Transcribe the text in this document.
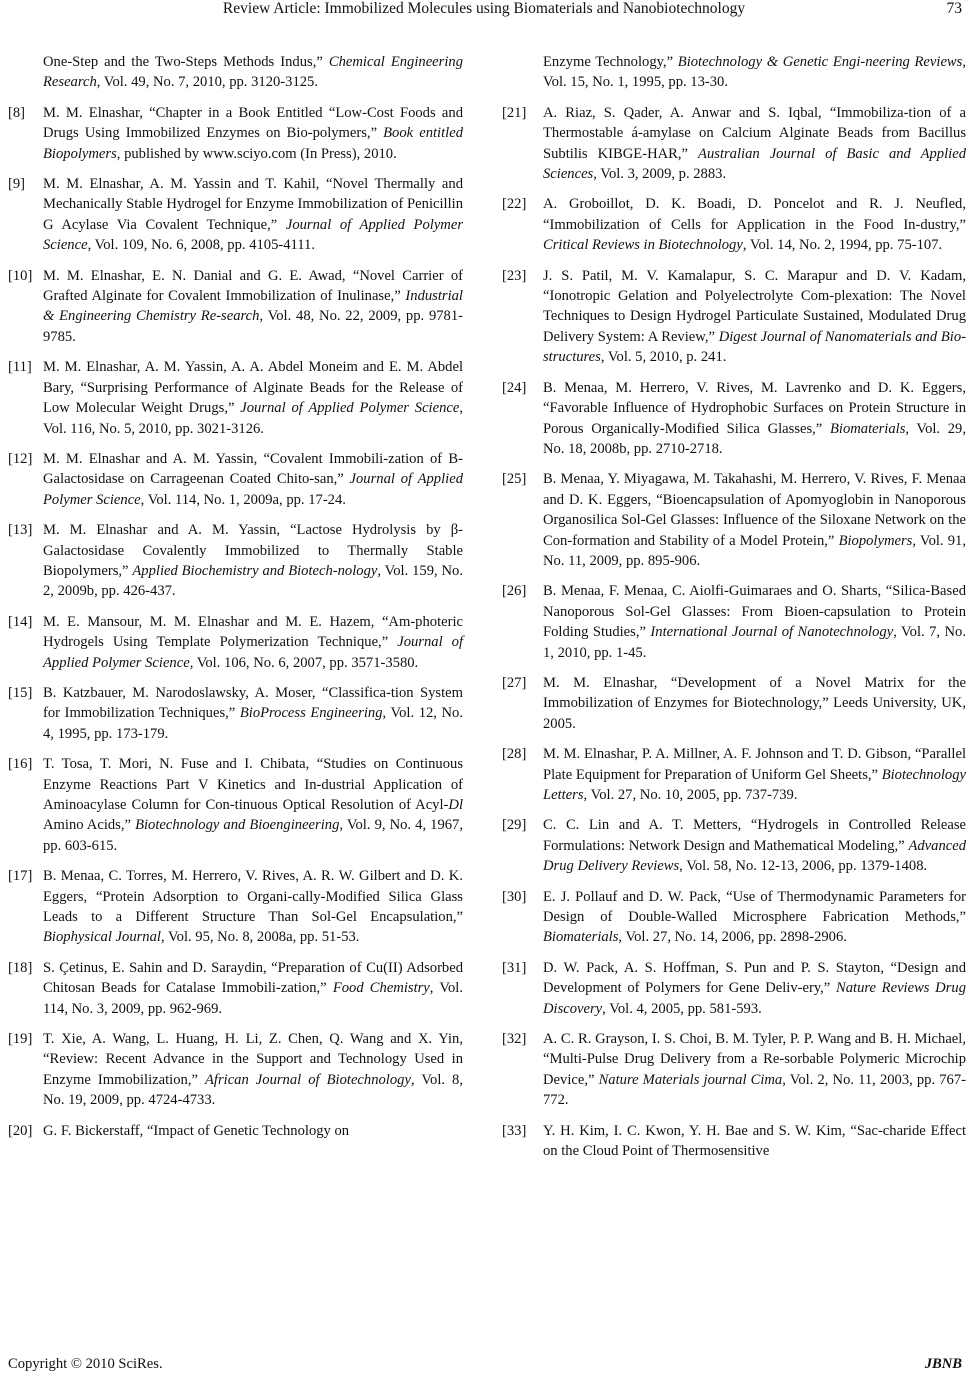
Review Article: Immobilized Molecules using Biomaterials and Nanobiotechnology	73
One-Step and the Two-Steps Methods Indus,” Chemical Engineering Research, Vol. 49, No. 7, 2010, pp. 3120-3125.
[8] M. M. Elnashar, “Chapter in a Book Entitled “Low-Cost Foods and Drugs Using Immobilized Enzymes on Bio-polymers,” Book entitled Biopolymers, published by www.sciyo.com (In Press), 2010.
[9] M. M. Elnashar, A. M. Yassin and T. Kahil, “Novel Thermally and Mechanically Stable Hydrogel for Enzyme Immobilization of Penicillin G Acylase Via Covalent Technique,” Journal of Applied Polymer Science, Vol. 109, No. 6, 2008, pp. 4105-4111.
[10] M. M. Elnashar, E. N. Danial and G. E. Awad, “Novel Carrier of Grafted Alginate for Covalent Immobilization of Inulinase,” Industrial & Engineering Chemistry Re-search, Vol. 48, No. 22, 2009, pp. 9781-9785.
[11] M. M. Elnashar, A. M. Yassin, A. A. Abdel Moneim and E. M. Abdel Bary, “Surprising Performance of Alginate Beads for the Release of Low Molecular Weight Drugs,” Journal of Applied Polymer Science, Vol. 116, No. 5, 2010, pp. 3021-3126.
[12] M. M. Elnashar and A. M. Yassin, “Covalent Immobili-zation of B-Galactosidase on Carrageenan Coated Chito-san,” Journal of Applied Polymer Science, Vol. 114, No. 1, 2009a, pp. 17-24.
[13] M. M. Elnashar and A. M. Yassin, “Lactose Hydrolysis by β-Galactosidase Covalently Immobilized to Thermally Stable Biopolymers,” Applied Biochemistry and Biotech-nology, Vol. 159, No. 2, 2009b, pp. 426-437.
[14] M. E. Mansour, M. M. Elnashar and M. E. Hazem, “Am-photeric Hydrogels Using Template Polymerization Technique,” Journal of Applied Polymer Science, Vol. 106, No. 6, 2007, pp. 3571-3580.
[15] B. Katzbauer, M. Narodoslawsky, A. Moser, “Classifica-tion System for Immobilization Techniques,” BioProcess Engineering, Vol. 12, No. 4, 1995, pp. 173-179.
[16] T. Tosa, T. Mori, N. Fuse and I. Chibata, “Studies on Continuous Enzyme Reactions Part V Kinetics and In-dustrial Application of Aminoacylase Column for Con-tinuous Optical Resolution of Acyl-Dl Amino Acids,” Biotechnology and Bioengineering, Vol. 9, No. 4, 1967, pp. 603-615.
[17] B. Menaa, C. Torres, M. Herrero, V. Rives, A. R. W. Gilbert and D. K. Eggers, “Protein Adsorption to Organi-cally-Modified Silica Glass Leads to a Different Structure Than Sol-Gel Encapsulation,” Biophysical Journal, Vol. 95, No. 8, 2008a, pp. 51-53.
[18] S. Çetinus, E. Sahin and D. Saraydin, “Preparation of Cu(II) Adsorbed Chitosan Beads for Catalase Immobili-zation,” Food Chemistry, Vol. 114, No. 3, 2009, pp. 962-969.
[19] T. Xie, A. Wang, L. Huang, H. Li, Z. Chen, Q. Wang and X. Yin, “Review: Recent Advance in the Support and Technology Used in Enzyme Immobilization,” African Journal of Biotechnology, Vol. 8, No. 19, 2009, pp. 4724-4733.
[20] G. F. Bickerstaff, “Impact of Genetic Technology on
Enzyme Technology,” Biotechnology & Genetic Engi-neering Reviews, Vol. 15, No. 1, 1995, pp. 13-30.
[21] A. Riaz, S. Qader, A. Anwar and S. Iqbal, “Immobiliza-tion of a Thermostable á-amylase on Calcium Alginate Beads from Bacillus Subtilis KIBGE-HAR,” Australian Journal of Basic and Applied Sciences, Vol. 3, 2009, p. 2883.
[22] A. Groboillot, D. K. Boadi, D. Poncelot and R. J. Neufled, “Immobilization of Cells for Application in the Food In-dustry,” Critical Reviews in Biotechnology, Vol. 14, No. 2, 1994, pp. 75-107.
[23] J. S. Patil, M. V. Kamalapur, S. C. Marapur and D. V. Kadam, “Ionotropic Gelation and Polyelectrolyte Com-plexation: The Novel Techniques to Design Hydrogel Particulate Sustained, Modulated Drug Delivery System: A Review,” Digest Journal of Nanomaterials and Bio-structures, Vol. 5, 2010, p. 241.
[24] B. Menaa, M. Herrero, V. Rives, M. Lavrenko and D. K. Eggers, “Favorable Influence of Hydrophobic Surfaces on Protein Structure in Porous Organically-Modified Silica Glasses,” Biomaterials, Vol. 29, No. 18, 2008b, pp. 2710-2718.
[25] B. Menaa, Y. Miyagawa, M. Takahashi, M. Herrero, V. Rives, F. Menaa and D. K. Eggers, “Bioencapsulation of Apomyoglobin in Nanoporous Organosilica Sol-Gel Glasses: Influence of the Siloxane Network on the Con-formation and Stability of a Model Protein,” Biopolymers, Vol. 91, No. 11, 2009, pp. 895-906.
[26] B. Menaa, F. Menaa, C. Aiolfi-Guimaraes and O. Sharts, “Silica-Based Nanoporous Sol-Gel Glasses: From Bioen-capsulation to Protein Folding Studies,” International Journal of Nanotechnology, Vol. 7, No. 1, 2010, pp. 1-45.
[27] M. M. Elnashar, “Development of a Novel Matrix for the Immobilization of Enzymes for Biotechnology,” Leeds University, UK, 2005.
[28] M. M. Elnashar, P. A. Millner, A. F. Johnson and T. D. Gibson, “Parallel Plate Equipment for Preparation of Uniform Gel Sheets,” Biotechnology Letters, Vol. 27, No. 10, 2005, pp. 737-739.
[29] C. C. Lin and A. T. Metters, “Hydrogels in Controlled Release Formulations: Network Design and Mathematical Modeling,” Advanced Drug Delivery Reviews, Vol. 58, No. 12-13, 2006, pp. 1379-1408.
[30] E. J. Pollauf and D. W. Pack, “Use of Thermodynamic Parameters for Design of Double-Walled Microsphere Fabrication Methods,” Biomaterials, Vol. 27, No. 14, 2006, pp. 2898-2906.
[31] D. W. Pack, A. S. Hoffman, S. Pun and P. S. Stayton, “Design and Development of Polymers for Gene Deliv-ery,” Nature Reviews Drug Discovery, Vol. 4, 2005, pp. 581-593.
[32] A. C. R. Grayson, I. S. Choi, B. M. Tyler, P. P. Wang and B. H. Michael, “Multi-Pulse Drug Delivery from a Re-sorbable Polymeric Microchip Device,” Nature Materials journal Cima, Vol. 2, No. 11, 2003, pp. 767-772.
[33] Y. H. Kim, I. C. Kwon, Y. H. Bae and S. W. Kim, “Sac-charide Effect on the Cloud Point of Thermosensitive
Copyright © 2010 SciRes.	JBNB
